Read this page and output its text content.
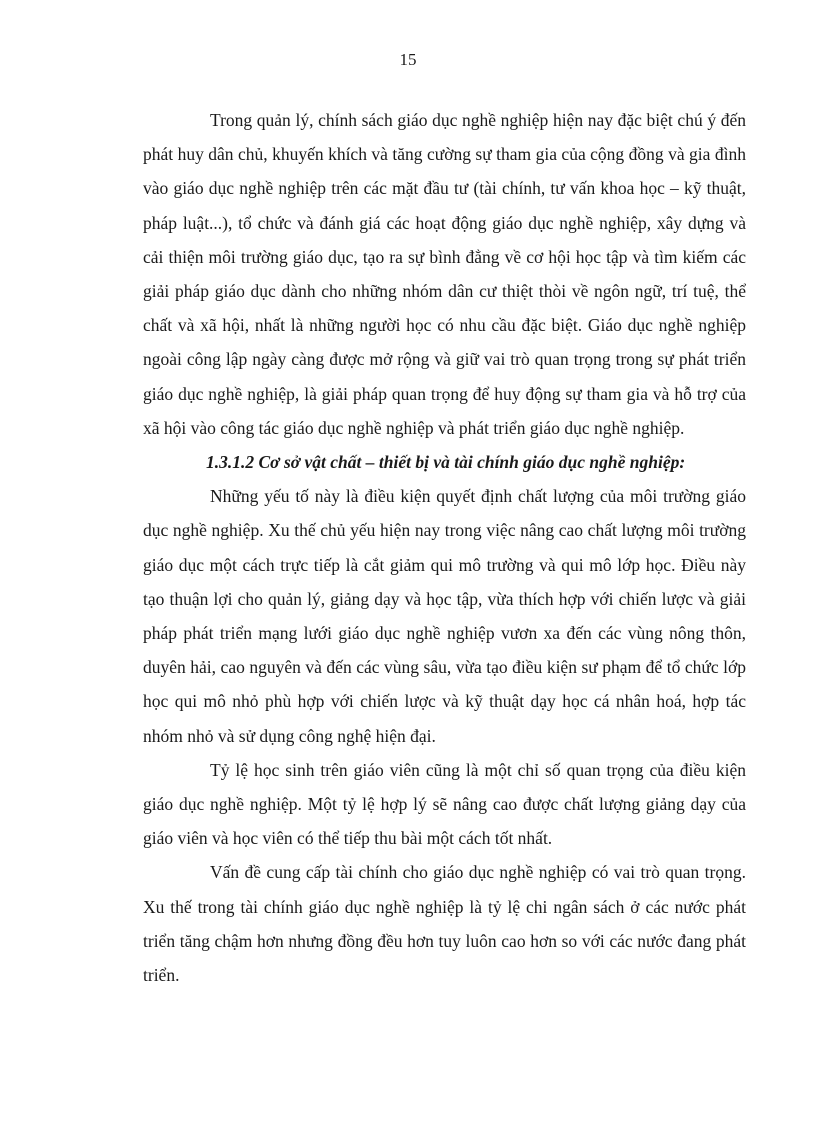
15

Trong quản lý, chính sách giáo dục nghề nghiệp hiện nay đặc biệt chú ý đến phát huy dân chủ, khuyến khích và tăng cường sự tham gia của cộng đồng và gia đình vào giáo dục nghề nghiệp trên các mặt đầu tư (tài chính, tư vấn khoa học – kỹ thuật, pháp luật...), tổ chức và đánh giá các hoạt động giáo dục nghề nghiệp, xây dựng và cải thiện môi trường giáo dục, tạo ra sự bình đẳng về cơ hội học tập và tìm kiếm các giải pháp giáo dục dành cho những nhóm dân cư thiệt thòi về ngôn ngữ, trí tuệ, thể chất và xã hội, nhất là những người học có nhu cầu đặc biệt. Giáo dục nghề nghiệp ngoài công lập ngày càng được mở rộng và giữ vai trò quan trọng trong sự phát triển giáo dục nghề nghiệp, là giải pháp quan trọng để huy động sự tham gia và hỗ trợ của xã hội vào công tác giáo dục nghề nghiệp và phát triển giáo dục nghề nghiệp.

1.3.1.2 Cơ sở vật chất – thiết bị và tài chính giáo dục nghề nghiệp:

Những yếu tố này là điều kiện quyết định chất lượng của môi trường giáo dục nghề nghiệp. Xu thế chủ yếu hiện nay trong việc nâng cao chất lượng môi trường giáo dục một cách trực tiếp là cắt giảm qui mô trường và qui mô lớp học. Điều này tạo thuận lợi cho quản lý, giảng dạy và học tập, vừa thích hợp với chiến lược và giải pháp phát triển mạng lưới giáo dục nghề nghiệp vươn xa đến các vùng nông thôn, duyên hải, cao nguyên và đến các vùng sâu, vừa tạo điều kiện sư phạm để tổ chức lớp học qui mô nhỏ phù hợp với chiến lược và kỹ thuật dạy học cá nhân hoá, hợp tác nhóm nhỏ và sử dụng công nghệ hiện đại.

Tỷ lệ học sinh trên giáo viên cũng là một chỉ số quan trọng của điều kiện giáo dục nghề nghiệp. Một tỷ lệ hợp lý sẽ nâng cao được chất lượng giảng dạy của giáo viên và học viên có thể tiếp thu bài một cách tốt nhất.

Vấn đề cung cấp tài chính cho giáo dục nghề nghiệp có vai trò quan trọng. Xu thế trong tài chính giáo dục nghề nghiệp là tỷ lệ chi ngân sách ở các nước phát triển tăng chậm hơn nhưng đồng đều hơn tuy luôn cao hơn so với các nước đang phát triển.
